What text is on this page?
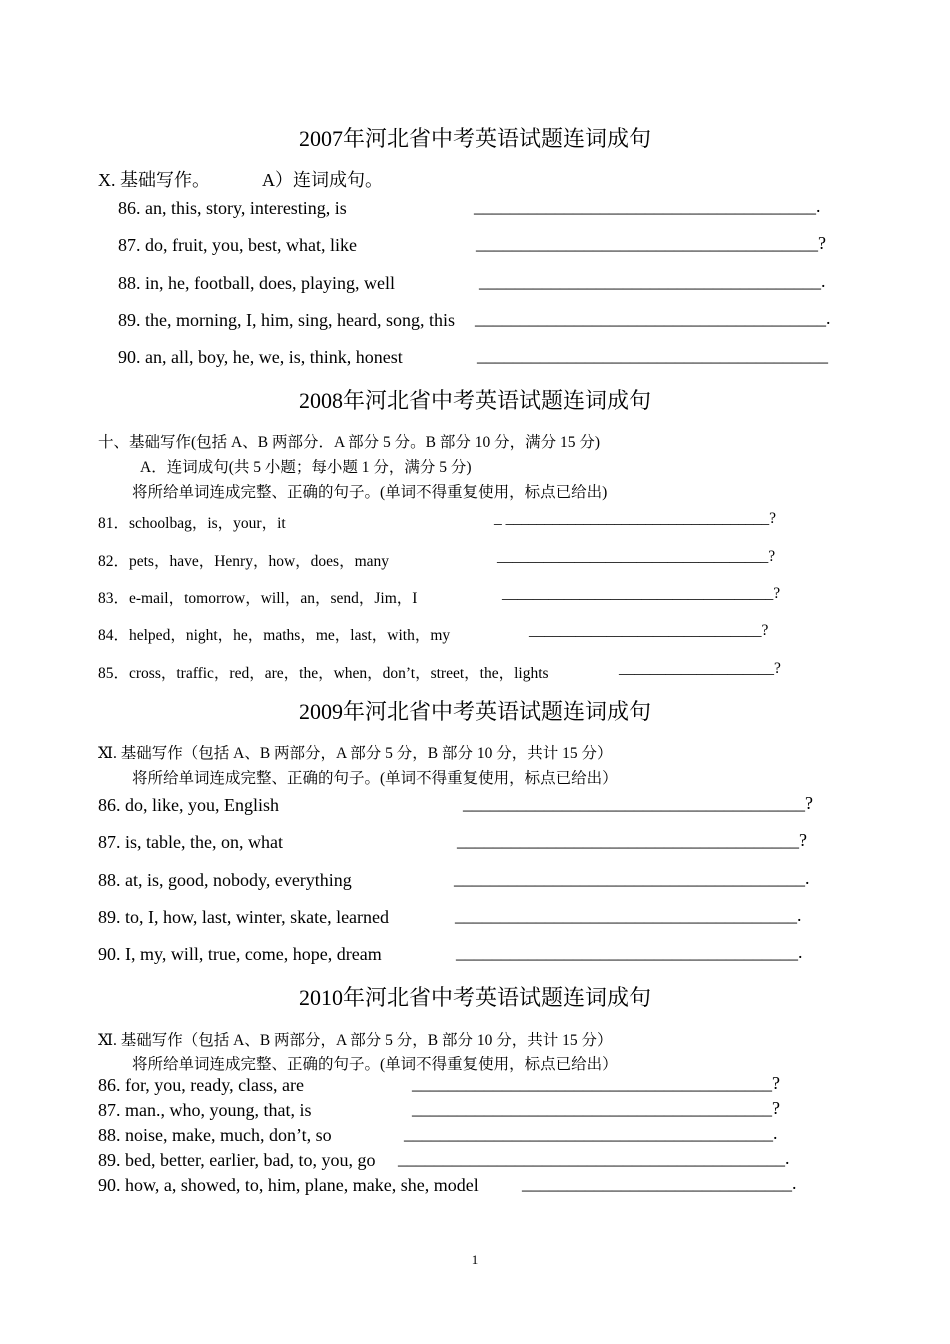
2007年河北省中考英语试题连词成句
X. 基础写作。	A）连词成句。
86. an, this, story, interesting, is	______________________________________.
87. do, fruit, you, best, what, like	______________________________________?
88. in, he, football, does, playing, well	______________________________________.
89. the, morning, I, him, sing, heard, song, this _______________________________________.
90. an, all, boy, he, we, is, think, honest	_______________________________________
2008年河北省中考英语试题连词成句
十、基础写作(包括 A、B 两部分．A 部分 5 分。B 部分 10 分，满分 15 分)
A．连词成句(共 5 小题；每小题 1 分，满分 5 分)
将所给单词连成完整、正确的句子。(单词不得重复使用，标点已给出)
81．schoolbag，is，your，it	_ __________________________________?
82．pets，have，Henry，how，does，many	___________________________________?
83．e-mail，tomorrow，will，an，send，Jim，I	___________________________________?
84．helped，night，he，maths，me，last，with，my	______________________________?
85．cross，traffic，red，are，the，when，don’t，street，the，lights	____________________?
2009年河北省中考英语试题连词成句
Ⅺ. 基础写作（包括 A、B 两部分，A 部分 5 分，B 部分 10 分，共计 15 分）
将所给单词连成完整、正确的句子。(单词不得重复使用，标点已给出）
86. do, like, you, English	______________________________________?
87. is, table, the, on, what	______________________________________?
88. at, is, good, nobody, everything	_______________________________________.
89. to, I, how, last, winter, skate, learned	______________________________________.
90. I, my, will, true, come, hope, dream	______________________________________.
2010年河北省中考英语试题连词成句
Ⅺ. 基础写作（包括 A、B 两部分，A 部分 5 分，B 部分 10 分，共计 15 分）
将所给单词连成完整、正确的句子。(单词不得重复使用，标点已给出）
86. for, you, ready, class, are	________________________________________?
87. man., who, young, that, is	________________________________________?
88. noise, make, much, don’t, so	_________________________________________.
89. bed, better, earlier, bad, to, you, go ___________________________________________.
90. how, a, showed, to, him, plane, make, she, model ______________________________.
1
